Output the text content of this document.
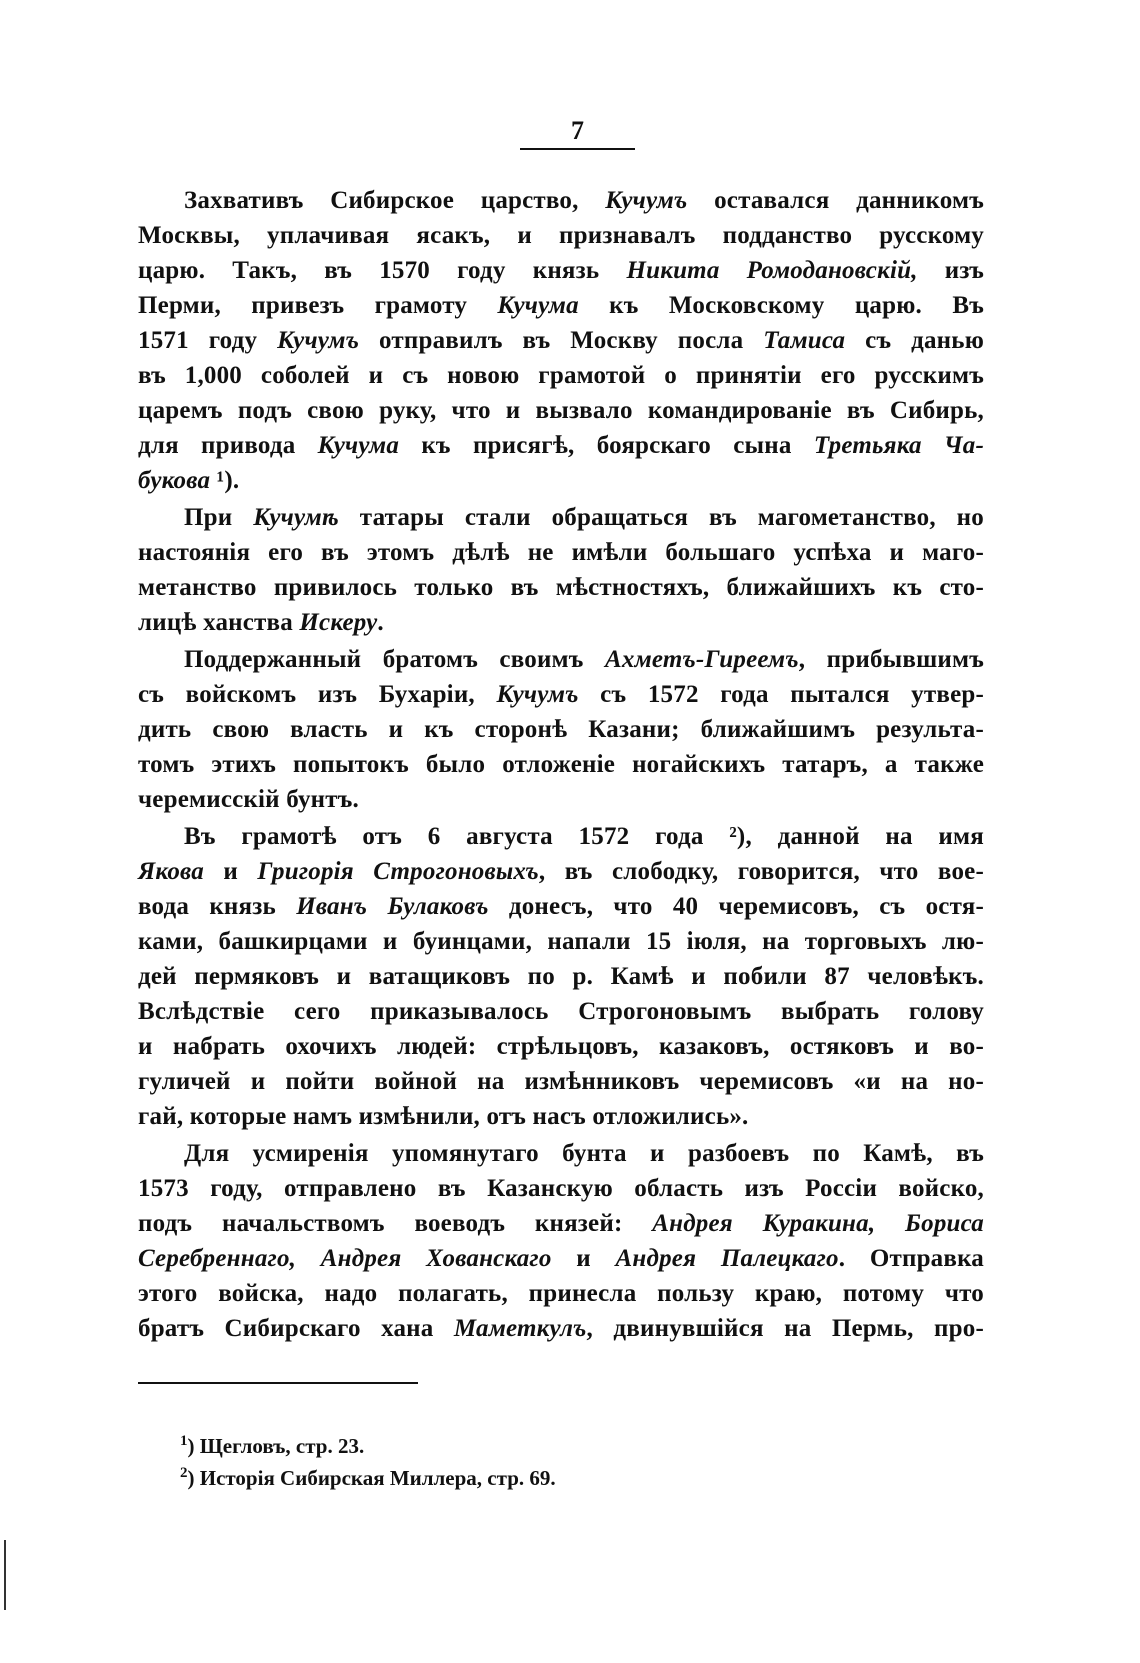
7
Захвативъ Сибирское царство, Кучумъ оставался данникомъ
Москвы, уплачивая ясакъ, и признавалъ подданство русскому
царю. Такъ, въ 1570 году князь Никита Ромодановскій, изъ
Перми, привезъ грамоту Кучума къ Московскому царю. Въ
1571 году Кучумъ отправилъ въ Москву посла Тамиса съ данью
въ 1,000 соболей и съ новою грамотой о принятіи его русскимъ
царемъ подъ свою руку, что и вызвало командированіе въ Сибирь,
для привода Кучума къ присягѣ, боярскаго сына Третьяка Ча-
букова ¹).
При Кучумѣ татары стали обращаться въ магометанство, но
настоянія его въ этомъ дѣлѣ не имѣли большаго успѣха и маго-
метанство привилось только въ мѣстностяхъ, ближайшихъ къ сто-
лицѣ ханства Искеру.
Поддержанный братомъ своимъ Ахметъ-Гиреемъ, прибывшимъ
съ войскомъ изъ Бухаріи, Кучумъ съ 1572 года пытался утвер-
дить свою власть и къ сторонѣ Казани; ближайшимъ результа-
томъ этихъ попытокъ было отложеніе ногайскихъ татаръ, а также
черемисскій бунтъ.
Въ грамотѣ отъ 6 августа 1572 года ²), данной на имя
Якова и Григорія Строгоновыхъ, въ слободку, говорится, что вое-
вода князь Иванъ Булаковъ донесъ, что 40 черемисовъ, съ остя-
ками, башкирцами и буинцами, напали 15 іюля, на торговыхъ лю-
дей пермяковъ и ватащиковъ по р. Камѣ и побили 87 человѣкъ.
Вслѣдствіе сего приказывалось Строгоновымъ выбрать голову
и набрать охочихъ людей: стрѣльцовъ, казаковъ, остяковъ и во-
гуличей и пойти войной на измѣнниковъ черемисовъ «и на но-
гай, которые намъ измѣнили, отъ насъ отложились».
Для усмиренія упомянутаго бунта и разбоевъ по Камѣ, въ
1573 году, отправлено въ Казанскую область изъ Россіи войско,
подъ начальствомъ воеводъ князей: Андрея Куракина, Бориса
Серебреннаго, Андрея Хованскаго и Андрея Палецкаго. Отправка
этого войска, надо полагать, принесла пользу краю, потому что
братъ Сибирскаго хана Маметкулъ, двинувшійся на Пермь, про-
$^1$) Щегловъ, стр. 23.
$^2$) Исторія Сибирская Миллера, стр. 69.
